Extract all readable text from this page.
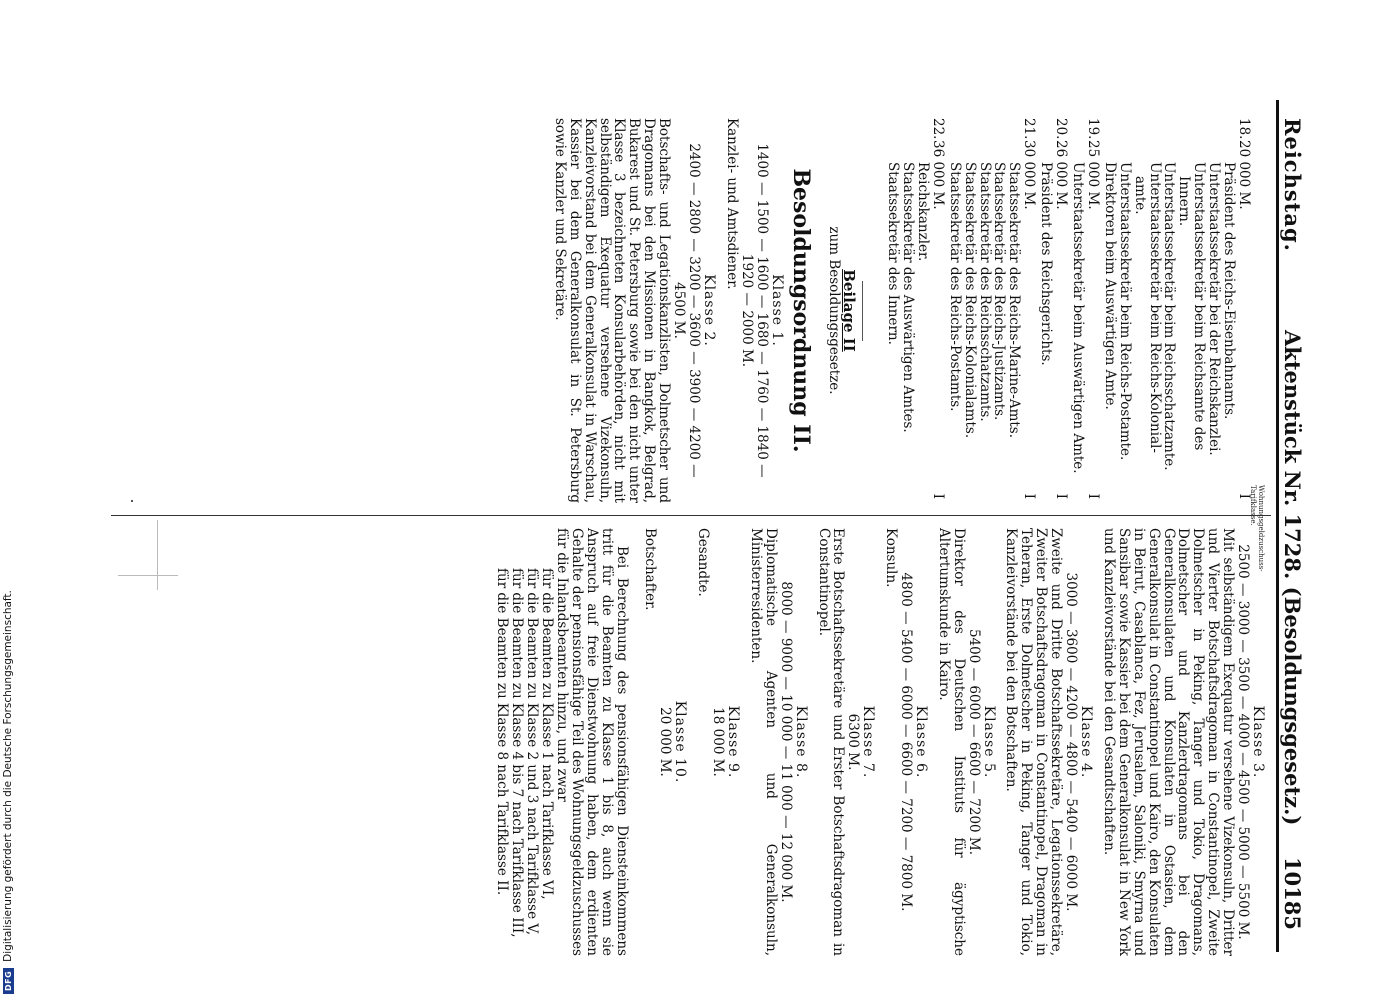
Reichstag.
Aktenstück Nr. 1728. (Besoldungsgesetz.)
10185
Wohnungsgeldzuschuss-Tarifklasse.
18.20 000 M.
Präsident des Reichs-Eisenbahnamts.
Unterstaatssekretär bei der Reichskanzlei.
Unterstaatssekretär beim Reichsamte des
Innern.
Unterstaatssekretär beim Reichsschatzamte.
Unterstaatssekretär beim Reichs-Kolonial-
amte.
Unterstaatssekretär beim Reichs-Postamte.
Direktoren beim Auswärtigen Amte.
I
19.25 000 M.
Unterstaatssekretär beim Auswärtigen Amte.
I
20.26 000 M.
Präsident des Reichsgerichts.
I
21.30 000 M.
Staatssekretär des Reichs-Marine-Amts.
Staatssekretär des Reichs-Justizamts.
Staatssekretär des Reichsschatzamts.
Staatssekretär des Reichs-Kolonialamts.
Staatssekretär des Reichs-Postamts.
I
22.36 000 M.
Reichskanzler.
Staatssekretär des Auswärtigen Amtes.
Staatssekretär des Innern.
I
Beilage II
zum Besoldungsgesetze.
Besoldungsordnung II.
Klasse 1.
1400 — 1500 — 1600 — 1680 — 1760 — 1840 —
1920 — 2000 M.
Kanzlei- und Amtsdiener.
Klasse 2.
2400 — 2800 — 3200 — 3600 — 3900 — 4200 —
4500 M.
Botschafts- und Legationskanzlisten, Dolmetscher und Dragomans bei den Missionen in Bangkok, Belgrad, Bukarest und St. Petersburg sowie bei den nicht unter Klasse 3 bezeichneten Konsularbehörden, nicht mit selbständigem Exequatur versehene Vizekonsuln, Kanzleivorstand bei dem Generalkonsulat in Warschau, Kassier bei dem Generalkonsulat in St. Petersburg sowie Kanzler und Sekretäre.
Klasse 3.
2500 — 3000 — 3500 — 4000 — 4500 — 5000 — 5500 M.
Mit selbständigem Exequatur versehene Vizekonsuln, Dritter und Vierter Botschaftsdragoman in Constantinopel, Zweite Dolmetscher in Peking, Tanger und Tokio, Dragomans, Dolmetscher und Kanzlerdragomans bei den Generalkonsulaten und Konsulaten in Ostasien, dem Generalkonsulat in Constantinopel und Kairo, den Konsulaten in Beirut, Casablanca, Fez, Jerusalem, Saloniki, Smyrna und Sansibar sowie Kassier bei dem Generalkonsulat in New York und Kanzleivorstände bei den Gesandtschaften.
Klasse 4.
3000 — 3600 — 4200 — 4800 — 5400 — 6000 M.
Zweite und Dritte Botschaftssekretäre, Legationssekretäre, Zweiter Botschaftsdragoman in Constantinopel, Dragoman in Teheran, Erste Dolmetscher in Peking, Tanger und Tokio, Kanzleivorstände bei den Botschaften.
Klasse 5.
5400 — 6000 — 6600 — 7200 M.
Direktor des Deutschen Instituts für ägyptische Altertumskunde in Kairo.
Klasse 6.
4800 — 5400 — 6000 — 6600 — 7200 — 7800 M.
Konsuln.
Klasse 7.
6300 M.
Erste Botschaftssekretäre und Erster Botschaftsdragoman in Constantinopel.
Klasse 8.
8000 — 9000 — 10 000 — 11 000 — 12 000 M.
Diplomatische Agenten und Generalkonsuln, Ministerresidenten.
Klasse 9.
18 000 M.
Gesandte.
Klasse 10.
20 000 M.
Botschafter.
Bei Berechnung des pensionsfähigen Diensteinkommens tritt für die Beamten zu Klasse 1 bis 8, auch wenn sie Anspruch auf freie Dienstwohnung haben, dem erdienten Gehalte der pensionsfähige Teil des Wohnungsgeldzuschusses für die Inlandsbeamten hinzu, und zwar
für die Beamten zu Klasse 1 nach Tarifklasse VI,
für die Beamten zu Klasse 2 und 3 nach Tarifklasse V,
für die Beamten zu Klasse 4 bis 7 nach Tarifklasse III,
für die Beamten zu Klasse 8 nach Tarifklasse II.
DFGDigitalisierung gefördert durch die Deutsche Forschungsgemeinschaft.
